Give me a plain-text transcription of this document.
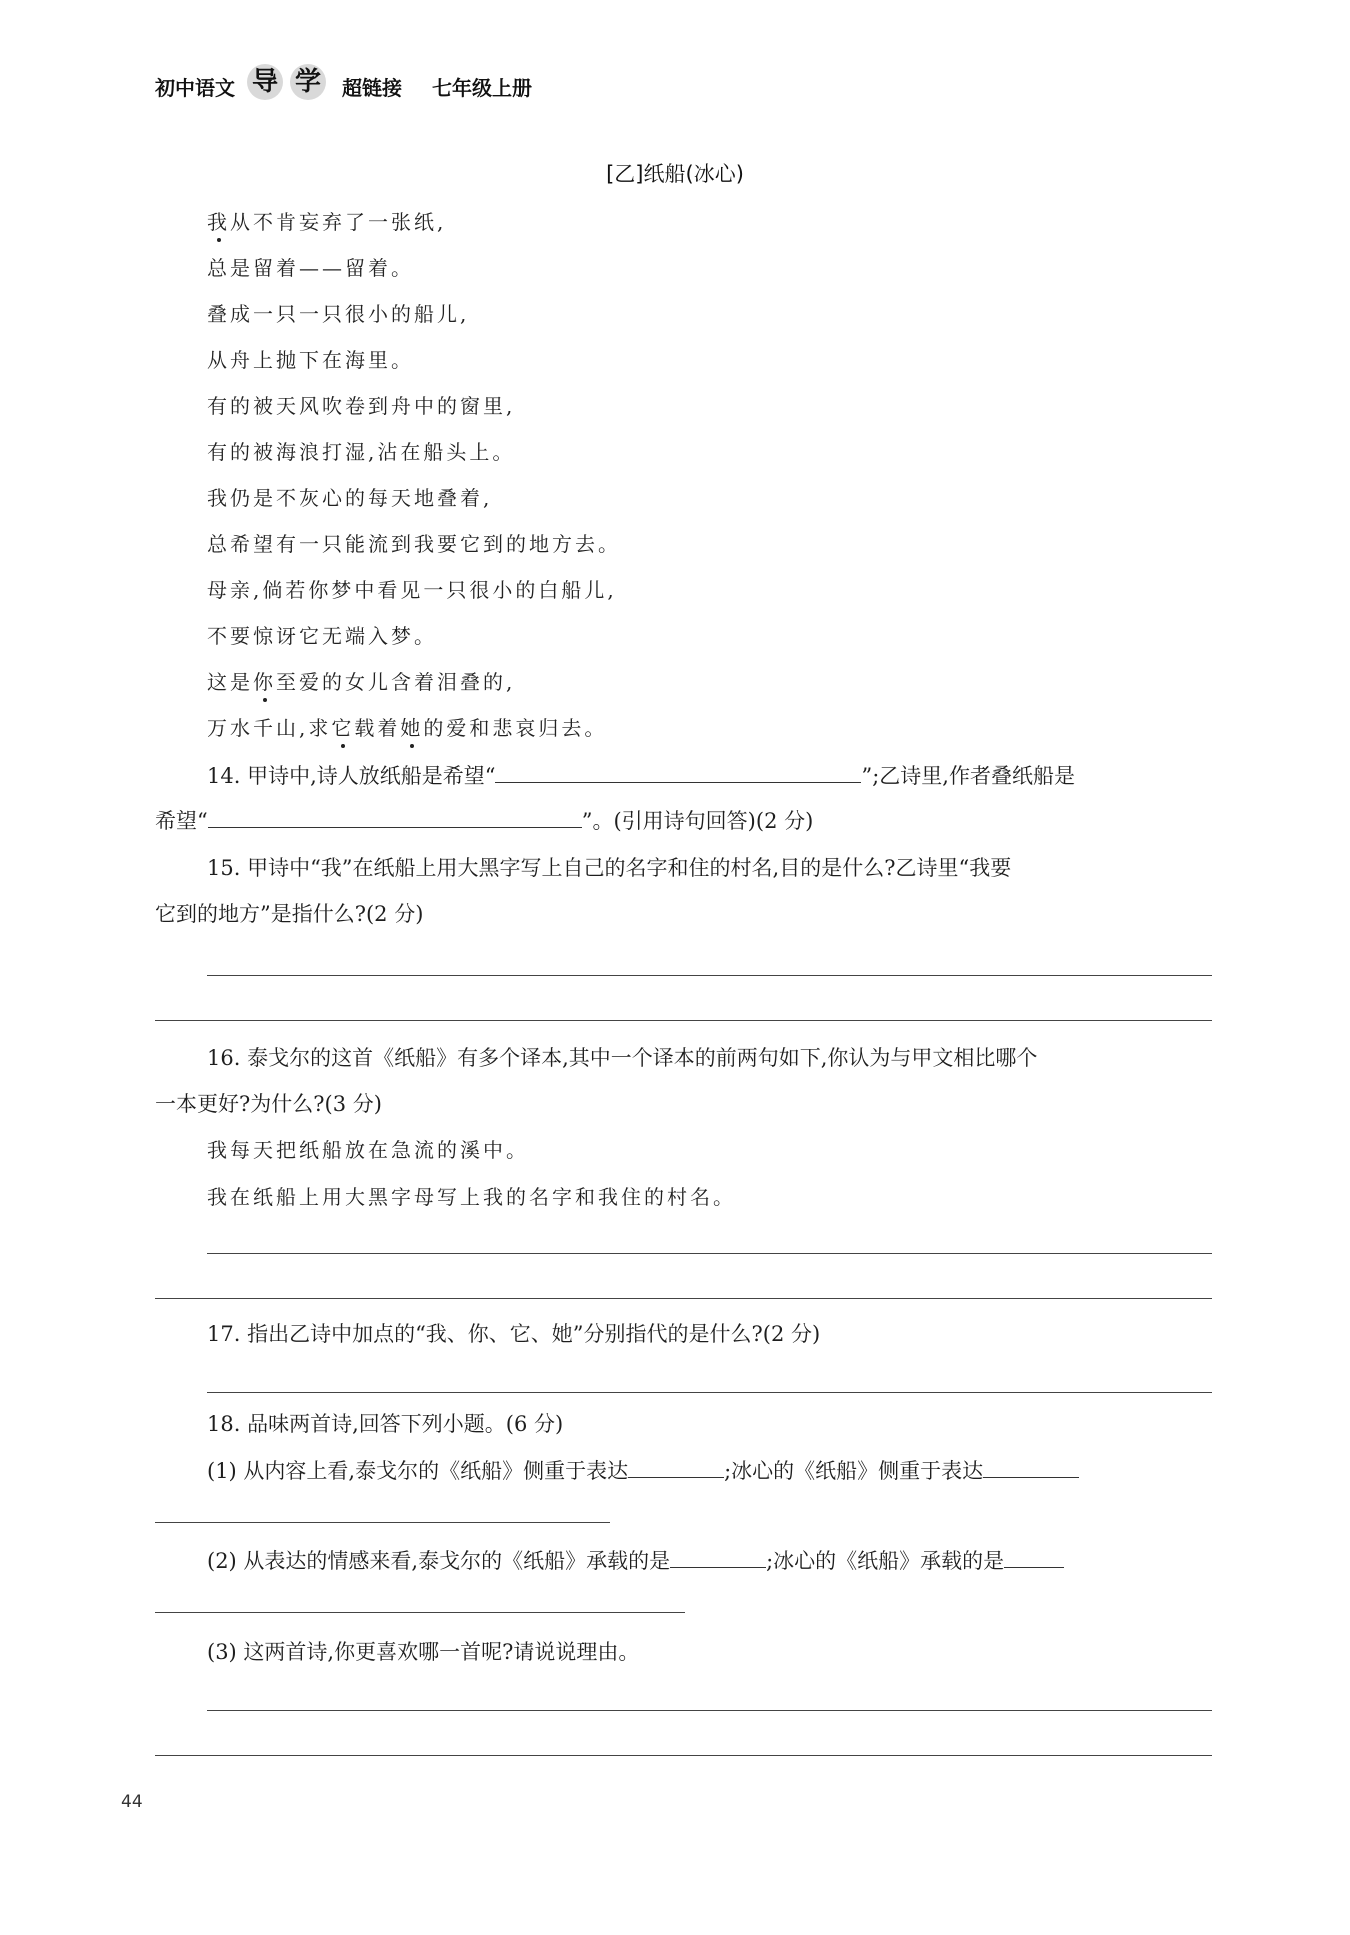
初中语文 导 学 超链接 七年级上册
[乙]纸船(冰心)
我从不肯妄弃了一张纸,
总是留着——留着。
叠成一只一只很小的船儿,
从舟上抛下在海里。
有的被天风吹卷到舟中的窗里,
有的被海浪打湿,沾在船头上。
我仍是不灰心的每天地叠着,
总希望有一只能流到我要它到的地方去。
母亲,倘若你梦中看见一只很小的白船儿,
不要惊讶它无端入梦。
这是你至爱的女儿含着泪叠的,
万水千山,求它载着她的爱和悲哀归去。
14. 甲诗中,诗人放纸船是希望“	”;乙诗里,作者叠纸船是
希望“	”。(引用诗句回答)(2 分)
15. 甲诗中“我”在纸船上用大黑字写上自己的名字和住的村名,目的是什么?乙诗里“我要
它到的地方”是指什么?(2 分)
16. 泰戈尔的这首《纸船》有多个译本,其中一个译本的前两句如下,你认为与甲文相比哪个
一本更好?为什么?(3 分)
我每天把纸船放在急流的溪中。
我在纸船上用大黑字母写上我的名字和我住的村名。
17. 指出乙诗中加点的“我、你、它、她”分别指代的是什么?(2 分)
18. 品味两首诗,回答下列小题。(6 分)
(1) 从内容上看,泰戈尔的《纸船》侧重于表达	;冰心的《纸船》侧重于表达
(2) 从表达的情感来看,泰戈尔的《纸船》承载的是	;冰心的《纸船》承载的是
(3) 这两首诗,你更喜欢哪一首呢?请说说理由。
44
